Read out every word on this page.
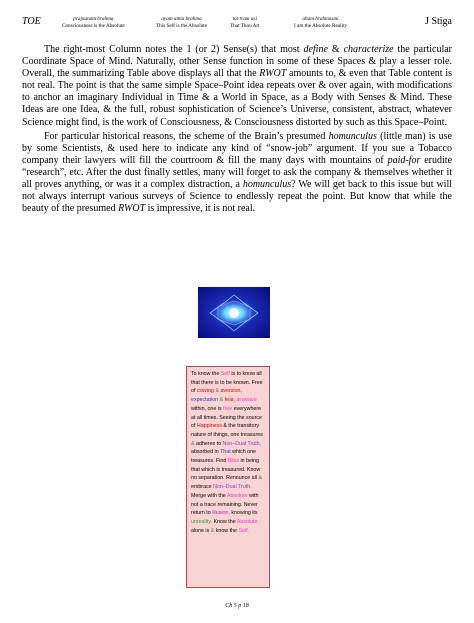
TOE	prajnanam brahma
Consciousness is the Absolute
ayam atma brahma
This Self is the Absolute
tat tvam asi
That Thou Art
aham brahmasmi
I am the Absolute Reality	J Stiga

The right-most Column notes the 1 (or 2) Sense(s) that most define & characterize the particular Coordinate Space of Mind. Naturally, other Sense function in some of these Spaces & play a lesser role. Overall, the summarizing Table above displays all that the RWOT amounts to, & even that Table content is not real. The point is that the same simple Space–Point idea repeats over & over again, with modifications to anchor an imaginary Individual in Time & a World in Space, as a Body with Senses & Mind. These Ideas are one Idea, & the full, robust sophistication of Science’s Universe, consistent, abstract, whatever Science might find, is the work of Consciousness, & Consciousness distorted by such as this Space–Point.

For particular historical reasons, the scheme of the Brain’s presumed homunculus (little man) is use by some Scientists, & used here to indicate any kind of “snow-job” argument. If you sue a Tobacco company their lawyers will fill the courtroom & fill the many days with mountains of paid-for erudite “research”, etc. After the dust finally settles, many will forget to ask the company & themselves whether it all proves anything, or was it a complex distraction, a homunculus? We will get back to this issue but will not always interrupt various surveys of Science to endlessly repeat the point. But know that while the beauty of the presumed RWOT is impressive, it is not real.

To know the Self is to know all that there is to be known. Free of craving & aversion, expectation & fear, at peace within, one is free everywhere at all times. Seeing the source of Happiness & the transitory nature of things, one treasures & adheres to Non–Dual Truth, absorbed in That which one treasures. Find Bliss in being that which is treasured. Know no separation. Renounce all & embrace Non–Dual Truth. Merge with the Absolute with not a trace remaining. Never return to illusion, knowing its unreality. Know the Absolute alone is & know the Self.
Ch 5 p 18
